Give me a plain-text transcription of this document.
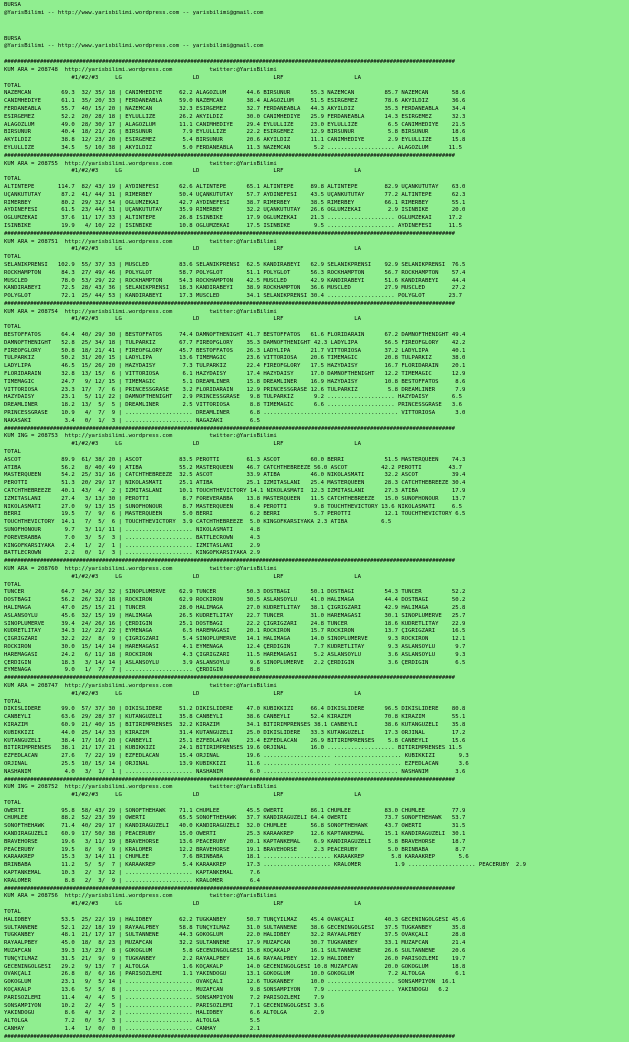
BURSA
@YarisBilimi -- http://www.yarisbilimi.wordpress.com -- yarisbilimi@gmail.com
BURSA
@YarisBilimi -- http://www.yarisbilimi.wordpress.com -- yarisbilimi@gmail.com
##########################################################################################################################################
KUM ARA = 208748  http://yarisbilimi.wordpress.com           twitter:@YarisBilimi
#1/#2/#3     LG                     LD                      LRF                     LA
TOTAL
NAZEMCAN         69.3  32/ 35/ 18 | CANIMHEDIYE     62.2 ALAGÖZLÜM      44.6 BIRSUNUR      55.3 NAZEMCAN         85.7 NAZEMCAN       58.6
CANIMHEDIYE      61.1  35/ 20/ 33 | FERDANEABLA     59.0 NAZEMCAN       38.4 ALAGÖZLÜM     51.5 ESIRGEMEZ        78.6 AKYILDIZ       36.6
FERDANEABLA      55.7  40/ 15/ 20 | NAZEMCAN        32.3 ESIRGEMEZ      32.7 FERDANEABLA   44.3 AKYILDIZ         35.3 FERDANEABLA    34.4
ESIRGEMEZ        52.2  20/ 28/ 18 | EYLÜLLIZE       26.2 AKYILDIZ       30.0 CANIMHEDIYE   25.9 FERDANEABLA      14.3 ESIRGEMEZ      32.3
ALAGÖZLÜM        49.0  28/ 30/ 17 | ALAGÖZLÜM       11.1 CANIMHEDIYE    29.4 EYLÜLLIZE     23.0 EYLÜLLIZE         6.5 CANIMHEDIYE    21.5
BIRSUNUR         40.4  18/ 21/ 26 | BIRSUNUR         7.9 EYLÜLLIZE      22.2 ESIRGEMEZ     12.9 BIRSUNUR          5.8 BIRSUNUR       18.6
AKYILDIZ         38.8  12/ 23/ 20 | ESIRGEMEZ        5.4 BIRSUNUR       20.6 AKYILDIZ      11.1 CANIMHEDIYE       2.9 EYLÜLLIZE      15.8
EYLÜLLIZE        34.5   5/ 10/ 38 | AKYILDIZ         5.0 FERDANEABLA    11.3 NAZEMCAN       5.2 .................... ALAGÖZLÜM      11.5
##########################################################################################################################################
KUM ARA = 208755  http://yarisbilimi.wordpress.com           twitter:@YarisBilimi
#1/#2/#3     LG                     LD                      LRF                     LA
TOTAL
ALTINTEPE       114.7  82/ 43/ 19 | AYDINEFESI      62.6 ALTINTEPE      65.1 ALTINTEPE     89.8 ALTINTEPE        82.9 UÇANKUTUTAY    63.0
UÇANKUTUTAY      87.2  41/ 44/ 31 | RIMERBEY        50.4 UÇANKUTUTAY    57.7 AYDINEFESI    43.5 UÇANKUTUTAY      77.2 ALTINTEPE      62.3
RIMERBEY         80.2  29/ 32/ 54 | OGLUMZEKAI      42.7 AYDINEFESI     38.7 RIMERBEY      38.5 RIMERBEY         66.1 RIMERBEY       55.1
AYDINEFESI       61.5  23/ 44/ 31 | UÇANKUTUTAY     35.9 RIMERBEY       32.2 UÇANKUTUTAY   26.6 OGLUMZEKAI        2.9 ISINBIKE       20.0
OGLUMZEKAI       37.6  11/ 17/ 33 | ALTINTEPE       26.8 ISINBIKE       17.9 OGLUMZEKAI    21.3 .................... OGLUMZEKAI     17.2
ISINBIKE         19.9   4/ 10/ 22 | ISINBIKE        10.8 OGLUMZEKAI     17.5 ISINBIKE       9.5 .................... AYDINEFESI     11.5
##########################################################################################################################################
KUM ARA = 208751  http://yarisbilimi.wordpress.com           twitter:@YarisBilimi
#1/#2/#3     LG                     LD                      LRF                     LA
TOTAL
SELANIKPRENSI   102.9  55/ 37/ 33 | MUSCLED         83.6 SELANIKPRENSI  62.5 KANDIRABEYI   62.9 SELANIKPRENSI    92.9 SELANIKPRENSI  76.5
ROCKHAMPTON      84.3  27/ 49/ 46 | POLYGLOT        58.7 POLYGLOT       51.1 POLYGLOT      56.3 ROCKHAMPTON      56.7 ROCKHAMPTON    57.4
MUSCLED          78.0  53/ 29/ 22 | ROCKHAMPTON     54.3 ROCKHAMPTON    42.5 MUSCLED       42.9 KANDIRABEYI      51.6 KANDIRABEYI    44.4
KANDIRABEYI      72.5  28/ 43/ 36 | SELANIKPRENSI   18.3 KANDIRABEYI    38.9 ROCKHAMPTON   36.6 MUSCLED          27.9 MUSCLED        27.2
POLYGLOT         72.1  25/ 44/ 53 | KANDIRABEYI     17.3 MUSCLED        34.1 SELANIKPRENSI 30.4 .................... POLYGLOT       23.7
##########################################################################################################################################
KUM ARA = 208754  http://yarisbilimi.wordpress.com           twitter:@YarisBilimi
#1/#2/#3     LG                     LD                      LRF                     LA
TOTAL
BESTOFFATOS      64.4  40/ 29/ 30 | BESTOFFATOS     74.4 DAMNOFTHENIGHT 41.7 BESTOFFATOS   61.6 FLORIDARAIN      67.2 DAMNOFTHENIGHT 49.4
DAMNOFTHENIGHT   52.8  25/ 34/ 18 | TULPARKIZ       67.7 FIREOFGLORY    35.3 DAMNOFTHENIGHT 42.3 LADYLIPA        56.5 FIREOFGLORY    42.2
FIREOFGLORY      50.8  18/ 21/ 41 | FIREOFGLORY     45.7 BESTOFFATOS    26.3 LADYLIPA      21.7 VITTORIOSA       37.2 LADYLIPA       40.1
TULPARKIZ        50.2  31/ 20/ 15 | LADYLIPA        13.6 TIMEMAGIC      23.6 VITTORIOSA    20.6 TIMEMAGIC        20.8 TULPARKIZ      38.0
LADYLIPA         46.5  15/ 26/ 20 | HAZYDAISY        7.3 TULPARKIZ      22.4 FIREOFGLORY   17.5 HAZYDAISY        16.7 FLORIDARAIN    20.1
FLORIDARAIN      32.8  13/ 15/  6 | VITTORIOSA       6.1 HAZYDAISY      17.4 HAZYDAISY     17.0 DAMNOFTHENIGHT   12.2 TIMEMAGIC      12.9
TIMEMAGIC        24.7   9/ 12/ 15 | TIMEMAGIC        5.1 DREAMLINER     15.8 DREAMLINER    16.9 HAZYDAISY        10.8 BESTOFFATOS     8.6
VITTORIOSA       23.3  17/  7/  6 | PRINCESSGRASE    3.2 FLORIDARAIN    12.9 PRINCESSGRASE 12.6 TULPARKIZ         5.8 DREAMLINER      7.9
HAZYDAISY        23.1   5/ 11/ 22 | DAMNOFTHENIGHT   2.9 PRINCESSGRASE   9.8 TULPARKIZ      9.2 .................... HAZYDAISY       6.5
DREAMLINER       18.2  13/  5/  5 | DREAMLINER       2.5 VITTORIOSA      8.8 TIMEMAGIC      6.6 .................... PRINCESSGRASE   3.6
PRINCESSGRASE    10.9   4/  7/  9 | .................... DREAMLINER      6.8 ........................................ VITTORIOSA      3.0
NAKASAKI          3.4   0/  1/  3 | .................... NAGAZAKI        6.5
##########################################################################################################################################
KUM ING = 208753  http://yarisbilimi.wordpress.com           twitter:@YarisBilimi
#1/#2/#3     LG                     LD                      LRF                     LA
TOTAL
ASCOT            89.9  61/ 38/ 20 | ASCOT           83.5 PEROTTI        61.3 ASCOT         60.0 BERRI            51.5 MASTERQUEEN    74.3
ATIBA            56.2   8/ 40/ 49 | ATIBA           55.2 MASTERQUEEN    46.7 CATCHTHEBREEZE 56.0 ASCOT          42.2 PEROTTI        43.7
MASTERQUEEN      54.2  25/ 31/ 16 | CATCHTHEBREEZE  32.5 ASCOT          33.9 ATIBA         46.0 NIKOLASMATI      32.2 ASCOT          39.4
PEROTTI          51.3  20/ 29/ 17 | NIKOLASMATI     25.1 ATIBA          25.1 IZMITASLANI   25.4 MASTERQUEEN      28.3 CATCHTHEBREEZE 30.4
CATCHTHEBREEZE   40.1  43/  4/  2 | IZMITASLANI     10.1 TOUCHTHEVICTORY 14.1 NIKOLASMATI  12.3 IZMITASLANI      27.3 ATIBA          17.9
IZMITASLANI      27.4   3/ 13/ 30 | PEROTTI          8.7 FOREVERABBA    13.8 MASTERQUEEN   11.5 CATCHTHEBREEZE   15.0 SUNOFHONOUR    13.7
NIKOLASMATI      27.0   9/ 13/ 15 | SUNOFHONOUR      8.7 MASTERQUEEN     8.4 PEROTTI        9.8 TOUCHTHEVICTORY 13.6 NIKOLASMATI     6.5
BERRI            19.5   7/  9/  6 | MASTERQUEEN      5.0 BERRI           6.2 BERRI          5.7 PEROTTI          12.1 TOUCHTHEVICTORY 6.5
TOUCHTHEVICTORY  14.1   7/  5/  6 | TOUCHTHEVICTORY  3.9 CATCHTHEBREEZE  5.0 KINGOFKARSIYAKA 2.3 ATIBA          6.5
SUNOFHONOUR       9.7   3/ 11/ 11 | .................... NIKOLASMATI     4.8
FOREVERABBA       7.0   3/  5/  3 | .................... BATTLECROWN     4.3
KINGOFKARSIYAKA   2.4   1/  2/  1 | .................... IZMITASLANI     2.9
BATTLECROWN       2.2   0/  1/  3 | .................... KINGOFKARSIYAKA 2.9
##########################################################################################################################################
KUM ARA = 208760  http://yarisbilimi.wordpress.com           twitter:@YarisBilimi
#1/#2/#3     LG                     LD                      LRF                     LA
TOTAL
TUNCER           64.7  34/ 26/ 32 | SINOPLUMERVE    62.9 TUNCER         50.3 DOSTBAGI      50.1 DOSTBAGI         54.3 TUNCER         52.2
DOSTBAGI         56.2  26/ 32/ 18 | ROCKIRON        62.9 ROCKIRON       30.5 ASLANSOYLU    41.0 HALIMAGA         44.4 DOSTBAGI       50.2
HALIMAGA         47.0  25/ 15/ 21 | TUNCER          28.0 HALIMAGA       27.0 KUDRETLITAY   38.1 ÇIGRIGZARI       42.9 HALIMAGA       25.8
ASLANSOYLU       45.6  32/ 15/ 19 | HALIMAGA        26.5 KUDRETLITAY    22.7 TUNCER        31.0 HAREMAGASI       30.1 SINOPLUMERVE   25.7
SINOPLUMERVE     39.4  24/ 26/ 16 | ÇERDIGIN        25.1 DOSTBAGI       22.2 ÇIGRIGZARI    24.8 TUNCER           18.6 KUDRETLITAY    22.9
KUDRETLITAY      34.3  12/ 22/ 22 | EYMENAGA         6.5 HAREMAGASI     20.1 ROCKIRON      15.7 ROCKIRON         13.7 ÇIGRIGZARI     16.5
ÇIGRIGZARI       32.2  22/  8/  9 | ÇIGRIGZARI       5.4 SINOPLUMERVE   14.1 HALIMAGA      14.0 SINOPLUMERVE      9.3 ROCKIRON       12.1
ROCKIRON         30.0  15/ 14/ 14 | HAREMAGASI       4.1 EYMENAGA       12.4 ÇERDIGIN       7.7 KUDRETLITAY       9.3 ASLANSOYLU      9.7
HAREMAGASI       24.2   6/ 11/ 18 | ROCKIRON         4.3 ÇIGRIGZARI     11.5 HAREMAGASI     5.2 ASLANSOYLU        3.6 ASLANSOYLU      9.3
ÇERDIGIN         18.3   3/ 14/ 14 | ASLANSOYLU       3.9 ASLANSOYLU      9.6 SINOPLUMERVE   2.2 ÇERDIGIN          3.6 ÇERDIGIN        6.5
EYMENAGA          9.0   1/  7/  7 | .................... ÇERDIGIN        8.8
##########################################################################################################################################
KUM ARA = 208747  http://yarisbilimi.wordpress.com           twitter:@YarisBilimi
#1/#2/#3     LG                     LD                      LRF                     LA
TOTAL
DIKISLIDERE      99.0  57/ 37/ 30 | DIKISLIDERE     51.2 DIKISLIDERE    47.0 KUBIKKIZI     66.4 DIKISLIDERE      96.5 DIKISLIDERE    80.8
CANBEYLI         63.6  29/ 28/ 37 | KUTANGÜZELI     35.8 CANBEYLI       38.6 CANBEYLI      52.4 KIRAZIM          70.8 KIRAZIM        55.1
KIRAZIM          60.9  21/ 40/ 15 | BITIRIMPRENSES  32.2 KIRAZIM        34.1 BITIRIMPRENSES 38.1 CANBEYLI        38.6 KUTANGÜZELI    35.8
KUBIKKIZI        44.0  25/ 14/ 33 | KIRAZIM         31.4 KUTANGÜZELI    25.0 DIKISLIDERE   33.3 KUTANGÜZELI      17.3 ORJINAL        17.2
KUTANGÜZELI      38.4  17/ 16/ 20 | CANBEYLI        25.1 EZFEDLACAN     23.4 EZFEDLACAN    26.9 BITIRIMPRENSES    5.8 CANBEYLI       15.6
BITIRIMPRENSES   38.1  21/ 17/ 21 | KUBIKKIZI       24.1 BITIRIMPRENSES 19.6 ORJINAL       16.0 .................... BITIRIMPRENSES 11.5
EZFEDLACAN       27.6   7/ 22/ 19 | EZFEDLACAN      15.4 ORJINAL        19.6 .................... .................... KUBIKKIZI       9.3
ORJINAL          25.5  10/ 15/ 14 | ORJINAL         13.9 KUBIKKIZI      11.6 .................... .................... EZFEDLACAN      3.6
NASHANIM          4.0   3/  1/  1 | .................... NASHANIM        6.0 ........................................ NASHANIM        3.6
##########################################################################################################################################
KUM ING = 208752  http://yarisbilimi.wordpress.com           twitter:@YarisBilimi
#1/#2/#3     LG                     LD                      LRF                     LA
TOTAL
OWERTI           95.8  58/ 43/ 29 | SONOFTHEHAWK    71.1 CHUMLEE        45.5 OWERTI        86.1 CHUMLEE          83.0 CHUMLEE        77.9
CHUMLEE          88.2  52/ 23/ 39 | OWERTI          65.5 SONOFTHEHAWK   37.7 KANDIRAGÜZELI 64.4 OWERTI           73.7 SONOFTHEHAWK   53.7
SONOFTHEHAWK     71.4  40/ 29/ 17 | KANDIRAGÜZELI   40.0 KANDIRAGÜZELI  32.0 CHUMLEE       56.8 SONOFTHEHAWK     43.7 OWERTI         31.5
KANDIRAGÜZELI    60.9  17/ 50/ 38 | PEACERUBY       15.0 OWERTI         25.3 KARAAKREP     12.6 KAPTANKEMAL      15.1 KANDIRAGÜZELI  30.1
BRAVEHORSE       19.6   3/ 11/ 19 | BRAVEHORSE      13.6 PEACERUBY      20.1 KAPTANKEMAL    6.9 KANDIRAGÜZELI     5.8 BRAVEHORSE     18.7
PEACERUBY        19.5   8/  9/  9 | KRALÖMER        12.2 BRAVEHORSE     19.1 BRAVEHORSE     2.3 PEACERUBY         5.0 BRINBABA        8.7
KARAAKREP        15.3   3/ 14/ 11 | CHUMLEE          7.6 BRINBABA       18.1 .................... KARAAKREP        5.8 KARAAKREP       5.6
BRINBABA         11.2   5/  5/  7 | KARAAKREP        5.4 KARAAKREP      17.3 .................... KRALÖMER          1.9 .................... PEACERUBY  2.9
KAPTANKEMAL      10.3   2/  3/ 12 | .................... KAPTANKEMAL     7.6
KRALÖMER          8.8   2/  3/  9 | .................... KRALÖMER        6.4
##########################################################################################################################################
KUM ARA = 208756  http://yarisbilimi.wordpress.com           twitter:@YarisBilimi
#1/#2/#3     LG                     LD                      LRF                     LA
TOTAL
HALIDBEY         53.5  25/ 22/ 19 | HALIDBEY        62.2 TUGKANBEY      50.7 TUNÇYILMAZ    45.4 OVAKÇALI         40.3 GECENINGÖLGESI 45.6
SULTANNENE       52.1  22/ 18/ 19 | RAYAALPBEY      58.8 TUNÇYILMAZ     31.0 SULTANNENE    38.6 GECENINGÖLGESI   37.5 TUGKANBEY      35.8
TUGKANBEY        48.1  21/ 17/ 17 | SULTANNENE      44.3 GÖKOGLUM       22.0 HALIDBEY      32.2 RAYAALPBEY       37.5 OVAKÇALI       28.8
RAYAALPBEY       45.0  18/  8/ 23 | MUZAFCAN        32.2 SULTANNENE     17.9 MUZAFCAN      30.7 TUGKANBEY        33.1 MUZAFCAN       21.4
MUZAFCAN         39.3  13/ 23/  8 | GÖKOGLUM         5.8 GECENINGÖLGESI 15.8 KOÇAKALP      16.1 SULTANNENE       26.6 SULTANNENE     20.6
TUNÇYILMAZ       31.5  21/  9/  9 | TUGKANBEY        2.2 RAYAALPBEY     14.6 RAYAALPBEY    12.9 HALIDBEY         26.0 PARISÖZLEMI    19.7
GECENINGÖLGESI   29.2   9/ 13/  7 | ALTOLGA          1.6 KOÇAKALP       14.0 GECENINGÖLGESI 10.8 MUZAFCAN        20.0 GÖKOGLUM       18.8
OVAKÇALI         26.8   8/  6/ 16 | PARISÖZLEMI      1.1 YAKINDOGU      13.1 GÖKOGLUM      10.0 GÖKOGLUM          7.2 ALTOLGA         6.1
GÖKOGLUM         23.1   9/  5/ 14 | .................... OVAKÇALI       12.6 TUGKANBEY     10.0 .................... SONSAMPIYON  16.1
KOÇAKALP         13.6   5/  5/  8 | .................... MUZAFCAN        9.8 SONSAMPIYON    7.9 .................... YAKINDOGU   6.2
PARISÖZLEMI      11.4   4/  4/  5 | .................... SONSAMPIYON     7.2 PARISÖZLEMI    7.9
SONSAMPIYON      10.2   2/  4/  5 | .................... PARISÖZLEMI     7.1 GECENINGÖLGESI 3.6
YAKINDOGU         8.6   4/  3/  2 | .................... HALIDBEY        6.6 ALTOLGA        2.9
ALTOLGA           7.2   0/  5/  3 | .................... ALTOLGA         5.5
CANHAY            1.4   1/  0/  0 | .................... CANHAY          2.1
##########################################################################################################################################
